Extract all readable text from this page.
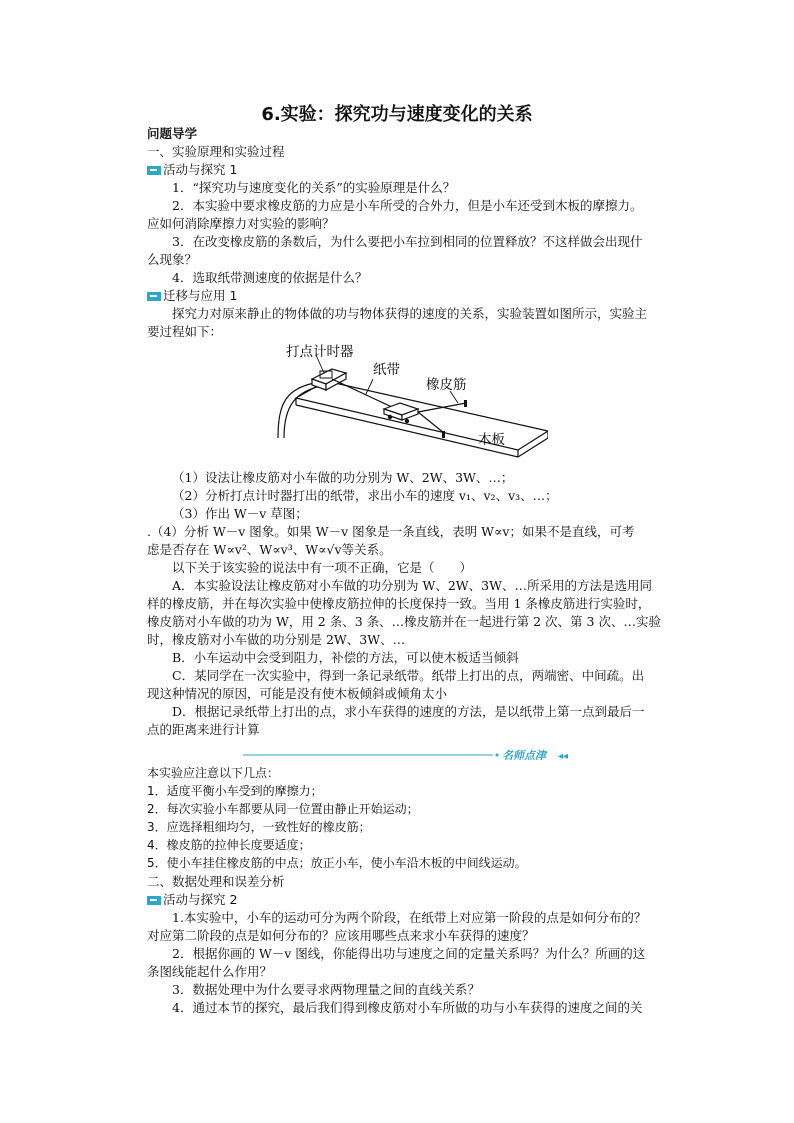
6.实验：探究功与速度变化的关系
问题导学
一、实验原理和实验过程
活动与探究 1
1．“探究功与速度变化的关系”的实验原理是什么？
2．本实验中要求橡皮筋的力应是小车所受的合外力，但是小车还受到木板的摩擦力。
应如何消除摩擦力对实验的影响？
3．在改变橡皮筋的条数后，为什么要把小车拉到相同的位置释放？不这样做会出现什
么现象？
4．选取纸带测速度的依据是什么？
迁移与应用 1
探究力对原来静止的物体做的功与物体获得的速度的关系，实验装置如图所示，实验主
要过程如下：
打点计时器
纸带
橡皮筋
木板
（1）设法让橡皮筋对小车做的功分别为 W、2W、3W、…；
（2）分析打点计时器打出的纸带，求出小车的速度 v₁、v₂、v₃、…；
（3）作出 W－v 草图；
.（4）分析 W－v 图象。如果 W－v 图象是一条直线，表明 W∝v；如果不是直线，可考
虑是否存在 W∝v²、W∝v³、W∝√v等关系。
以下关于该实验的说法中有一项不正确，它是（　　）
A．本实验设法让橡皮筋对小车做的功分别为 W、2W、3W、…所采用的方法是选用同
样的橡皮筋，并在每次实验中使橡皮筋拉伸的长度保持一致。当用 1 条橡皮筋进行实验时，
橡皮筋对小车做的功为 W，用 2 条、3 条、…橡皮筋并在一起进行第 2 次、第 3 次、…实验
时，橡皮筋对小车做的功分别是 2W、3W、…
B．小车运动中会受到阻力，补偿的方法，可以使木板适当倾斜
C．某同学在一次实验中，得到一条记录纸带。纸带上打出的点，两端密、中间疏。出
现这种情况的原因，可能是没有使木板倾斜或倾角太小
D．根据记录纸带上打出的点，求小车获得的速度的方法，是以纸带上第一点到最后一
点的距离来进行计算
名师点津 ◂◂
本实验应注意以下几点：
1．适度平衡小车受到的摩擦力；
2．每次实验小车都要从同一位置由静止开始运动；
3．应选择粗细均匀，一致性好的橡皮筋；
4．橡皮筋的拉伸长度要适度；
5．使小车挂住橡皮筋的中点；放正小车，使小车沿木板的中间线运动。
二、数据处理和误差分析
活动与探究 2
1.本实验中，小车的运动可分为两个阶段，在纸带上对应第一阶段的点是如何分布的？
对应第二阶段的点是如何分布的？应该用哪些点来求小车获得的速度？
2．根据你画的 W－v 图线，你能得出功与速度之间的定量关系吗？为什么？所画的这
条图线能起什么作用？
3．数据处理中为什么要寻求两物理量之间的直线关系？
4．通过本节的探究，最后我们得到橡皮筋对小车所做的功与小车获得的速度之间的关
